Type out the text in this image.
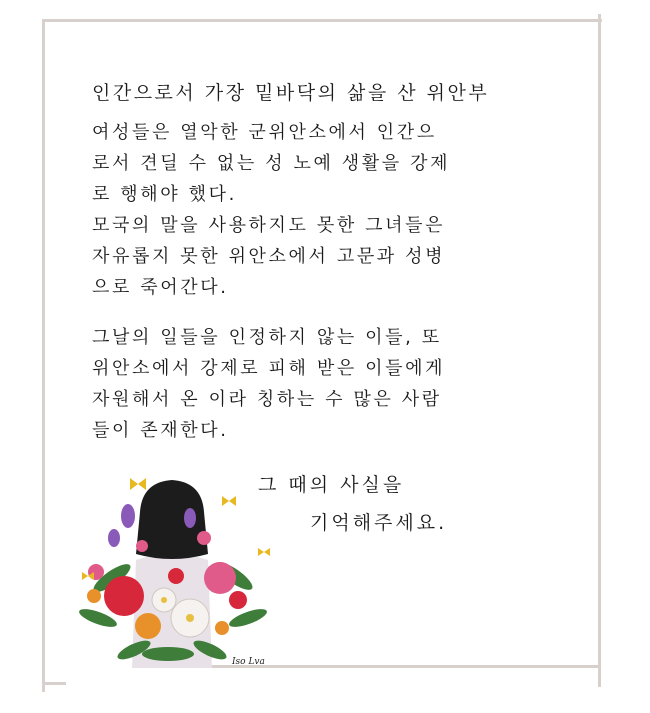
인간으로서 가장 밑바닥의 삶을 산 위안부
여성들은 열악한 군위안소에서 인간으
로서 견딜 수 없는 성 노예 생활을 강제
로 행해야 했다.
모국의 말을 사용하지도 못한 그녀들은
자유롭지 못한 위안소에서 고문과 성병
으로 죽어간다.
그날의 일들을 인정하지 않는 이들, 또
위안소에서 강제로 피해 받은 이들에게
자원해서 온 이라 칭하는 수 많은 사람
들이 존재한다.
그 때의 사실을
기억해주세요.
Iso Lva
